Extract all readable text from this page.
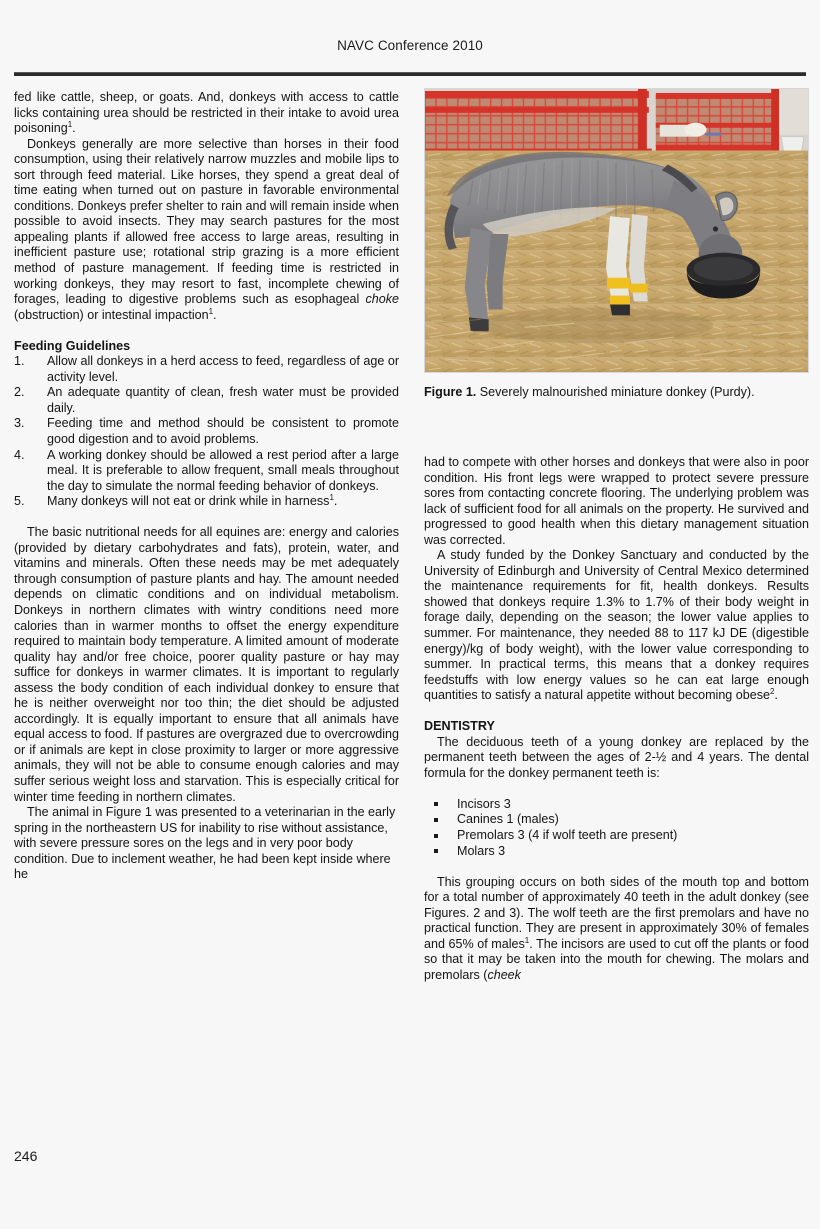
NAVC Conference 2010
Figure 1. Severely malnourished miniature donkey (Purdy).

fed like cattle, sheep, or goats. And, donkeys with access to cattle licks containing urea should be restricted in their intake to avoid urea poisoning$^1$.

Donkeys generally are more selective than horses in their food consumption, using their relatively narrow muzzles and mobile lips to sort through feed material. Like horses, they spend a great deal of time eating when turned out on pasture in favorable environmental conditions. Donkeys prefer shelter to rain and will remain inside when possible to avoid insects. They may search pastures for the most appealing plants if allowed free access to large areas, resulting in inefficient pasture use; rotational strip grazing is a more efficient method of pasture management. If feeding time is restricted in working donkeys, they may resort to fast, incomplete chewing of forages, leading to digestive problems such as esophageal choke (obstruction) or intestinal impaction$^1$.

Feeding Guidelines
1.	Allow all donkeys in a herd access to feed, regardless of age or activity level.
2.	An adequate quantity of clean, fresh water must be provided daily.
3.	Feeding time and method should be consistent to promote good digestion and to avoid problems.
4.	A working donkey should be allowed a rest period after a large meal. It is preferable to allow frequent, small meals throughout the day to simulate the normal feeding behavior of donkeys.
5.	Many donkeys will not eat or drink while in harness$^1$.

The basic nutritional needs for all equines are: energy and calories (provided by dietary carbohydrates and fats), protein, water, and vitamins and minerals. Often these needs may be met adequately through consumption of pasture plants and hay. The amount needed depends on climatic conditions and on individual metabolism. Donkeys in northern climates with wintry conditions need more calories than in warmer months to offset the energy expenditure required to maintain body temperature. A limited amount of moderate quality hay and/or free choice, poorer quality pasture or hay may suffice for donkeys in warmer climates. It is important to regularly assess the body condition of each individual donkey to ensure that he is neither overweight nor too thin; the diet should be adjusted accordingly. It is equally important to ensure that all animals have equal access to food. If pastures are overgrazed due to overcrowding or if animals are kept in close proximity to larger or more aggressive animals, they will not be able to consume enough calories and may suffer serious weight loss and starvation. This is especially critical for winter time feeding in northern climates.

The animal in Figure 1 was presented to a veterinarian in the early spring in the northeastern US for inability to rise without assistance, with severe pressure sores on the legs and in very poor body condition. Due to inclement weather, he had been kept inside where he

had to compete with other horses and donkeys that were also in poor condition. His front legs were wrapped to protect severe pressure sores from contacting concrete flooring. The underlying problem was lack of sufficient food for all animals on the property. He survived and progressed to good health when this dietary management situation was corrected.

A study funded by the Donkey Sanctuary and conducted by the University of Edinburgh and University of Central Mexico determined the maintenance requirements for fit, health donkeys. Results showed that donkeys require 1.3% to 1.7% of their body weight in forage daily, depending on the season; the lower value applies to summer. For maintenance, they needed 88 to 117 kJ DE (digestible energy)/kg of body weight), with the lower value corresponding to summer. In practical terms, this means that a donkey requires feedstuffs with low energy values so he can eat large enough quantities to satisfy a natural appetite without becoming obese$^2$.

DENTISTRY

The deciduous teeth of a young donkey are replaced by the permanent teeth between the ages of 2-½ and 4 years. The dental formula for the donkey permanent teeth is:

Incisors 3
Canines 1 (males)
Premolars 3 (4 if wolf teeth are present)
Molars 3

This grouping occurs on both sides of the mouth top and bottom for a total number of approximately 40 teeth in the adult donkey (see Figures. 2 and 3). The wolf teeth are the first premolars and have no practical function. They are present in approximately 30% of females and 65% of males$^1$. The incisors are used to cut off the plants or food so that it may be taken into the mouth for chewing. The molars and premolars (cheek

246
